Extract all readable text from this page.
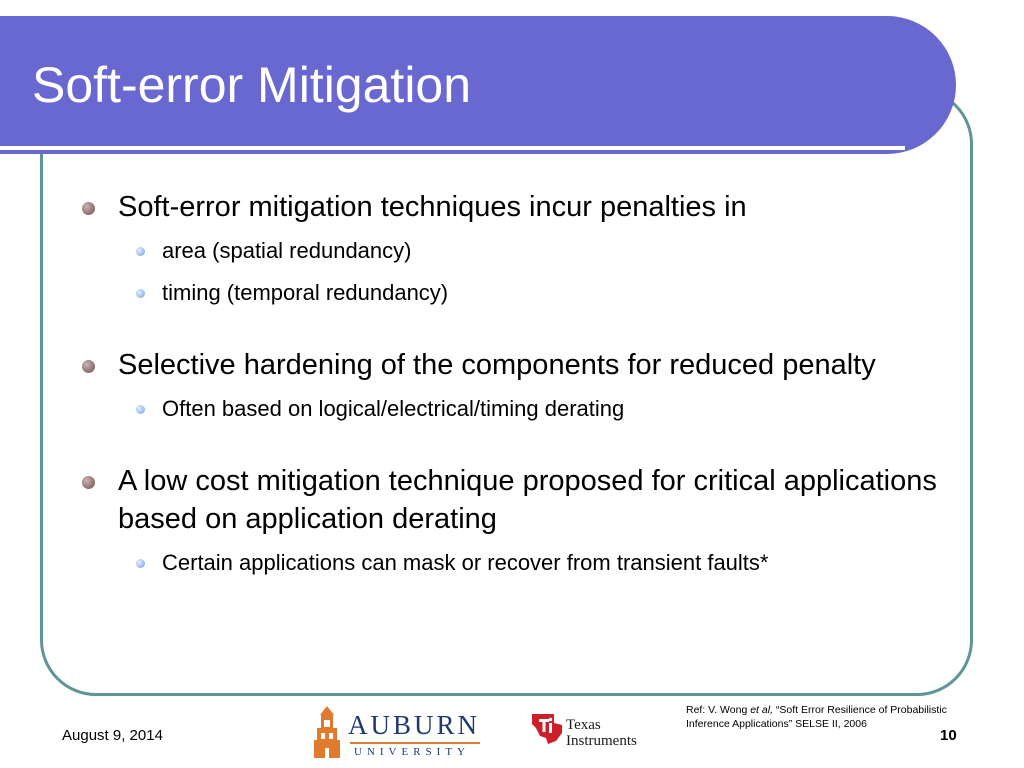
Soft-error Mitigation
Soft-error mitigation techniques incur penalties in
area (spatial redundancy)
timing (temporal redundancy)
Selective hardening of the components for reduced penalty
Often based on logical/electrical/timing derating
A low cost mitigation technique proposed for critical applications based on application derating
Certain applications can mask or recover from transient faults*
August 9, 2014	AUBURN
UNIVERSITY
Texas
Instruments
Ref: V. Wong et al, “Soft Error Resilience of Probabilistic Inference Applications” SELSE II, 2006
10
